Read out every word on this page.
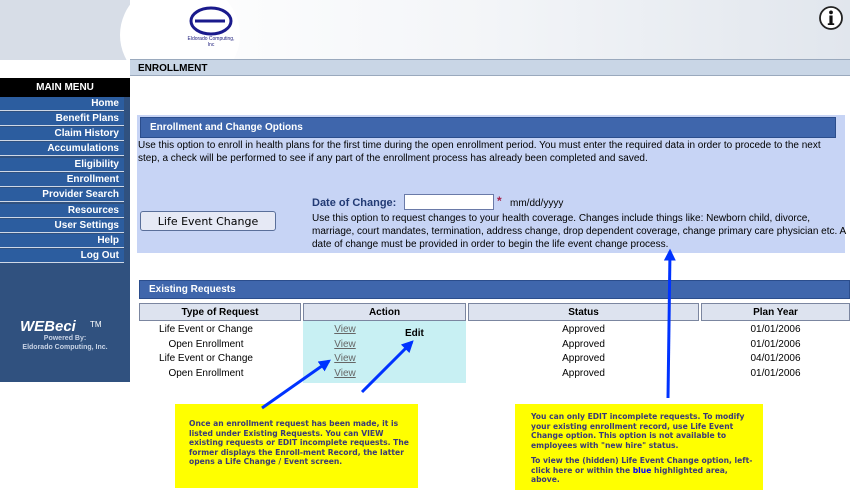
Eldorado Computing, Inc
ENROLLMENT
MAIN MENU
Home
Benefit Plans
Claim History
Accumulations
Eligibility
Enrollment
Provider Search
Resources
User Settings
Help
Log Out
WEBeci TM
Powered By:
Eldorado Computing, Inc.
Enrollment and Change Options
Use this option to enroll in health plans for the first time during the open enrollment period. You must enter the required data in order to procede to the next step, a check will be performed to see if any part of the enrollment process has already been completed and saved.
Life Event Change
Date of Change:	* mm/dd/yyyy
Use this option to request changes to your health coverage. Changes include things like: Newborn child, divorce, marriage, court mandates, termination, address change, drop dependent coverage, change primary care physician etc. A date of change must be provided in order to begin the life event change process.
Existing Requests
Type of Request	Action	Status	Plan Year
Life Event or Change	View	Approved	01/01/2006
Open Enrollment	View	Approved	01/01/2006
Life Event or Change	View	Approved	04/01/2006
Open Enrollment	View	Approved	01/01/2006
Edit
Once an enrollment request has been made, it is listed under Existing Requests. You can VIEW existing requests or EDIT incomplete requests. The former displays the Enroll-ment Record, the latter opens a Life Change / Event screen.
You can only EDIT incomplete requests. To modify your existing enrollment record, use Life Event Change option. This option is not available to employees with "new hire" status.
To view the (hidden) Life Event Change option, left-click here or within the blue highlighted area, above.
